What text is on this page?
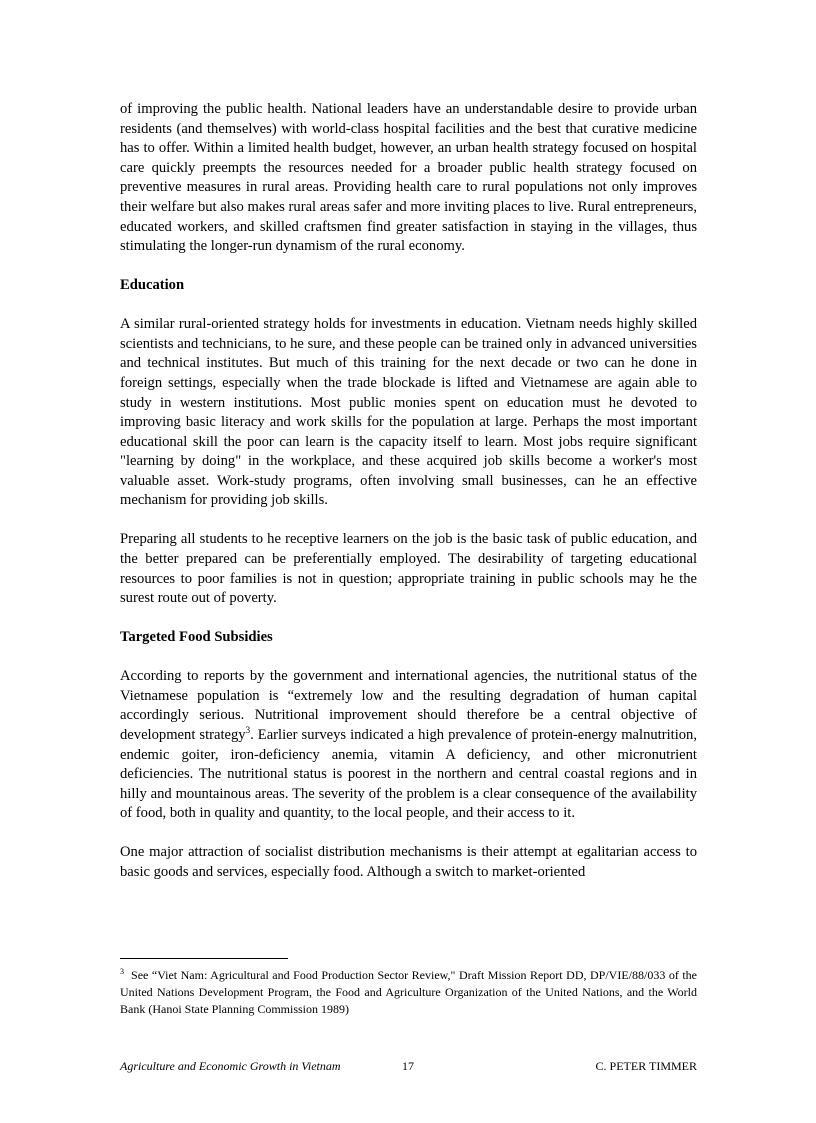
of improving the public health. National leaders have an understandable desire to provide urban residents (and themselves) with world-class hospital facilities and the best that curative medicine has to offer. Within a limited health budget, however, an urban health strategy focused on hospital care quickly preempts the resources needed for a broader public health strategy focused on preventive measures in rural areas. Providing health care to rural populations not only improves their welfare but also makes rural areas safer and more inviting places to live. Rural entrepreneurs, educated workers, and skilled craftsmen find greater satisfaction in staying in the villages, thus stimulating the longer-run dynamism of the rural economy.

Education

A similar rural-oriented strategy holds for investments in education. Vietnam needs highly skilled scientists and technicians, to he sure, and these people can be trained only in advanced universities and technical institutes. But much of this training for the next decade or two can he done in foreign settings, especially when the trade blockade is lifted and Vietnamese are again able to study in western institutions. Most public monies spent on education must he devoted to improving basic literacy and work skills for the population at large. Perhaps the most important educational skill the poor can learn is the capacity itself to learn. Most jobs require significant "learning by doing" in the workplace, and these acquired job skills become a worker's most valuable asset. Work-study programs, often involving small businesses, can he an effective mechanism for providing job skills.

Preparing all students to he receptive learners on the job is the basic task of public education, and the better prepared can be preferentially employed. The desirability of targeting educational resources to poor families is not in question; appropriate training in public schools may he the surest route out of poverty.

Targeted Food Subsidies

According to reports by the government and international agencies, the nutritional status of the Vietnamese population is “extremely low and the resulting degradation of human capital accordingly serious. Nutritional improvement should therefore be a central objective of development strategy$^3$. Earlier surveys indicated a high prevalence of protein-energy malnutrition, endemic goiter, iron-deficiency anemia, vitamin A deficiency, and other micronutrient deficiencies. The nutritional status is poorest in the northern and central coastal regions and in hilly and mountainous areas. The severity of the problem is a clear consequence of the availability of food, both in quality and quantity, to the local people, and their access to it.

One major attraction of socialist distribution mechanisms is their attempt at egalitarian access to basic goods and services, especially food. Although a switch to market-oriented

$^3$ See “Viet Nam: Agricultural and Food Production Sector Review," Draft Mission Report DD, DP/VIE/88/033 of the United Nations Development Program, the Food and Agriculture Organization of the United Nations, and the World Bank (Hanoi State Planning Commission 1989)

Agriculture and Economic Growth in Vietnam	17	C. PETER TIMMER
